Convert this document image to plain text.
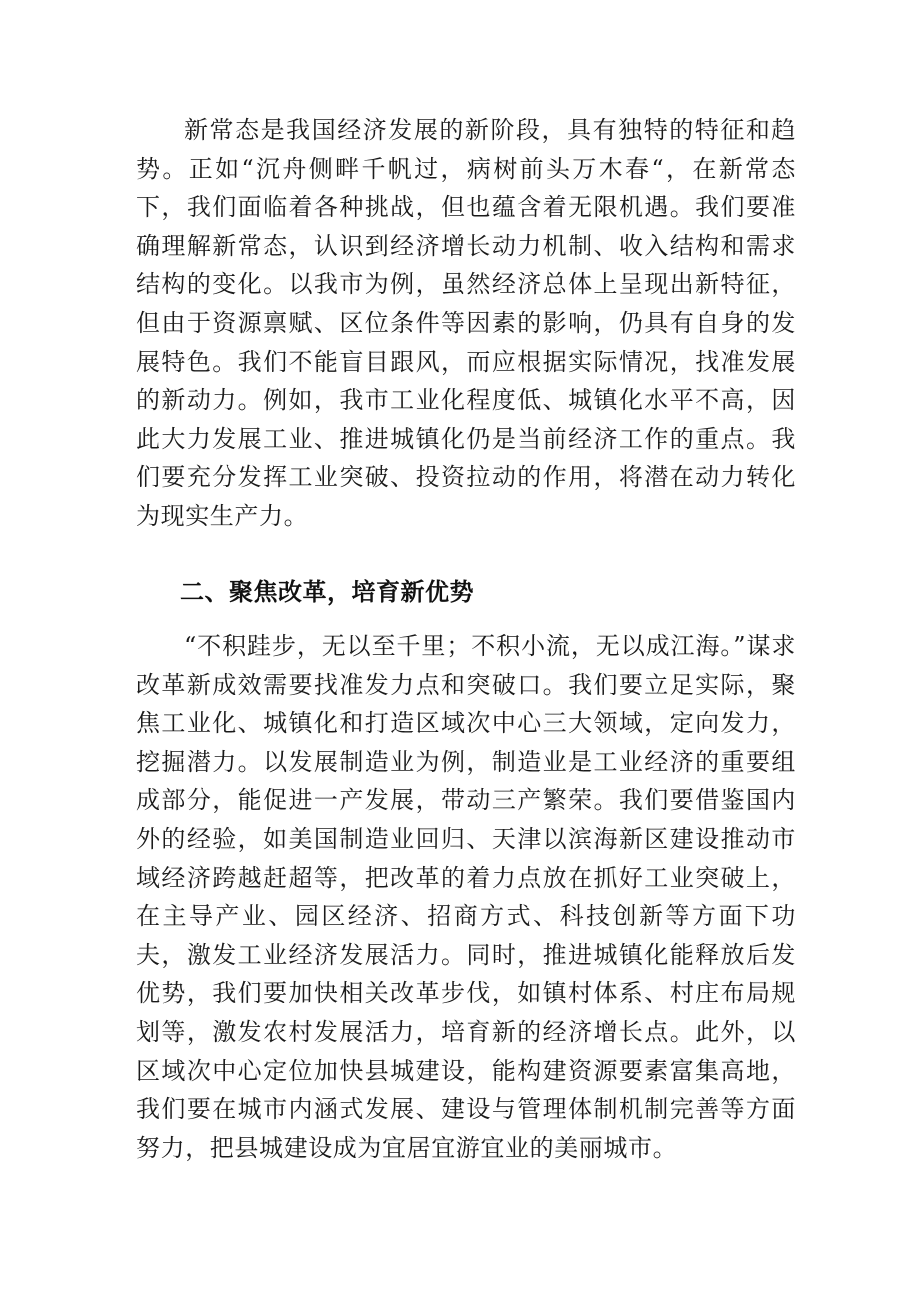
新常态是我国经济发展的新阶段，具有独特的特征和趋势。正如“沉舟侧畔千帆过，病树前头万木春“，在新常态下，我们面临着各种挑战，但也蕴含着无限机遇。我们要准确理解新常态，认识到经济增长动力机制、收入结构和需求结构的变化。以我市为例，虽然经济总体上呈现出新特征，但由于资源禀赋、区位条件等因素的影响，仍具有自身的发展特色。我们不能盲目跟风，而应根据实际情况，找准发展的新动力。例如，我市工业化程度低、城镇化水平不高，因此大力发展工业、推进城镇化仍是当前经济工作的重点。我们要充分发挥工业突破、投资拉动的作用，将潜在动力转化为现实生产力。

二、聚焦改革，培育新优势

“不积跬步，无以至千里；不积小流，无以成江海。”谋求改革新成效需要找准发力点和突破口。我们要立足实际，聚焦工业化、城镇化和打造区域次中心三大领域，定向发力，挖掘潜力。以发展制造业为例，制造业是工业经济的重要组成部分，能促进一产发展，带动三产繁荣。我们要借鉴国内外的经验，如美国制造业回归、天津以滨海新区建设推动市域经济跨越赶超等，把改革的着力点放在抓好工业突破上，在主导产业、园区经济、招商方式、科技创新等方面下功夫，激发工业经济发展活力。同时，推进城镇化能释放后发优势，我们要加快相关改革步伐，如镇村体系、村庄布局规划等，激发农村发展活力，培育新的经济增长点。此外，以区域次中心定位加快县城建设，能构建资源要素富集高地，我们要在城市内涵式发展、建设与管理体制机制完善等方面努力，把县城建设成为宜居宜游宜业的美丽城市。
